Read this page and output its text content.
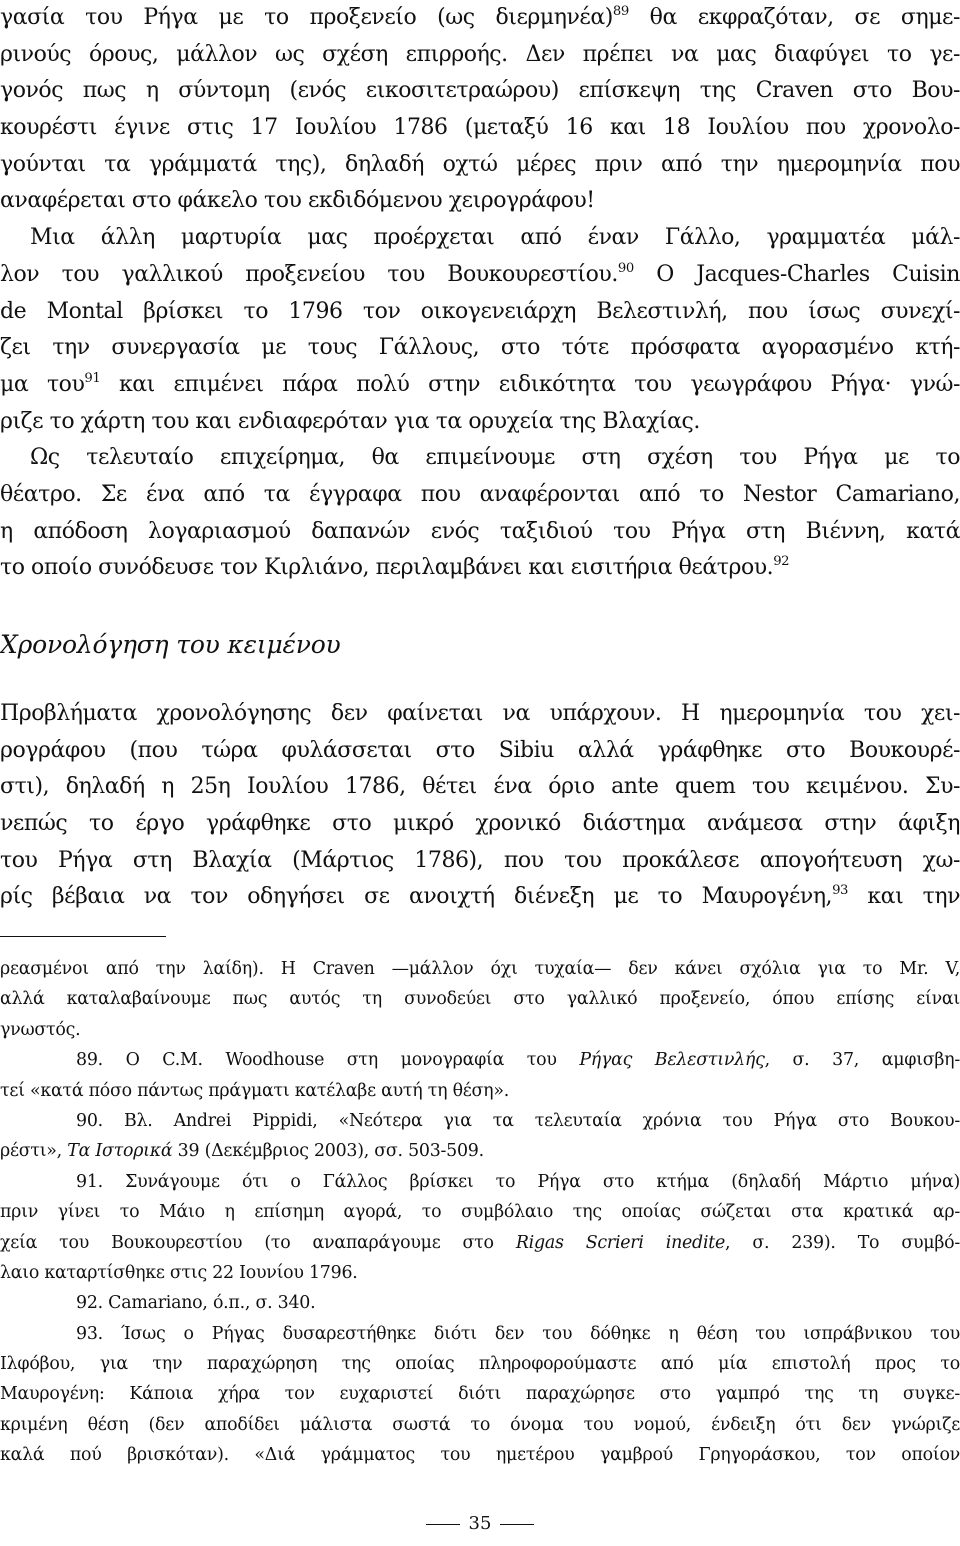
γασία του Ρήγα με το προξενείο (ως διερμηνέα)$^{89}$ θα εκφραζόταν, σε σημε-
ρινούς όρους, μάλλον ως σχέση επιρροής. Δεν πρέπει να μας διαφύγει το γε-
γονός πως η σύντομη (ενός εικοσιτετραώρου) επίσκεψη της Craven στο Βου-
κουρέστι έγινε στις 17 Ιουλίου 1786 (μεταξύ 16 και 18 Ιουλίου που χρονολο-
γούνται τα γράμματά της), δηλαδή οχτώ μέρες πριν από την ημερομηνία που
αναφέρεται στο φάκελο του εκδιδόμενου χειρογράφου!
Μια άλλη μαρτυρία μας προέρχεται από έναν Γάλλο, γραμματέα μάλ-
λον του γαλλικού προξενείου του Βουκουρεστίου.$^{90}$ Ο Jacques-Charles Cuisin
de Montal βρίσκει το 1796 τον οικογενειάρχη Βελεστινλή, που ίσως συνεχί-
ζει την συνεργασία με τους Γάλλους, στο τότε πρόσφατα αγορασμένο κτή-
μα του$^{91}$ και επιμένει πάρα πολύ στην ειδικότητα του γεωγράφου Ρήγα· γνώ-
ριζε το χάρτη του και ενδιαφερόταν για τα ορυχεία της Βλαχίας.
Ως τελευταίο επιχείρημα, θα επιμείνουμε στη σχέση του Ρήγα με το
θέατρο. Σε ένα από τα έγγραφα που αναφέρονται από το Nestor Camariano,
η απόδοση λογαριασμού δαπανών ενός ταξιδιού του Ρήγα στη Βιέννη, κατά
το οποίο συνόδευσε τον Κιρλιάνο, περιλαμβάνει και εισιτήρια θεάτρου.$^{92}$
Χρονολόγηση του κειμένου
Προβλήματα χρονολόγησης δεν φαίνεται να υπάρχουν. Η ημερομηνία του χει-
ρογράφου (που τώρα φυλάσσεται στο Sibiu αλλά γράφθηκε στο Βουκουρέ-
στι), δηλαδή η 25η Ιουλίου 1786, θέτει ένα όριο ante quem του κειμένου. Συ-
νεπώς το έργο γράφθηκε στο μικρό χρονικό διάστημα ανάμεσα στην άφιξη
του Ρήγα στη Βλαχία (Μάρτιος 1786), που του προκάλεσε απογοήτευση χω-
ρίς βέβαια να τον οδηγήσει σε ανοιχτή διένεξη με το Μαυρογένη,$^{93}$ και την
ρεασμένοι από την λαίδη). Η Craven —μάλλον όχι τυχαία— δεν κάνει σχόλια για το Mr. V,
αλλά καταλαβαίνουμε πως αυτός τη συνοδεύει στο γαλλικό προξενείο, όπου επίσης είναι
γνωστός.
89. Ο C.M. Woodhouse στη μονογραφία του Ρήγας Βελεστινλής, σ. 37, αμφισβη-
τεί «κατά πόσο πάντως πράγματι κατέλαβε αυτή τη θέση».
90. Βλ. Andrei Pippidi, «Νεότερα για τα τελευταία χρόνια του Ρήγα στο Βουκου-
ρέστι», Τα Ιστορικά 39 (Δεκέμβριος 2003), σσ. 503-509.
91. Συνάγουμε ότι ο Γάλλος βρίσκει το Ρήγα στο κτήμα (δηλαδή Μάρτιο μήνα)
πριν γίνει το Μάιο η επίσημη αγορά, το συμβόλαιο της οποίας σώζεται στα κρατικά αρ-
χεία του Βουκουρεστίου (το αναπαράγουμε στο Rigas Scrieri inedite, σ. 239). Το συμβό-
λαιο καταρτίσθηκε στις 22 Ιουνίου 1796.
92. Camariano, ό.π., σ. 340.
93. Ίσως ο Ρήγας δυσαρεστήθηκε διότι δεν του δόθηκε η θέση του ισπράβνικου του
Ιλφόβου, για την παραχώρηση της οποίας πληροφορούμαστε από μία επιστολή προς το
Μαυρογένη: Κάποια χήρα τον ευχαριστεί διότι παραχώρησε στο γαμπρό της τη συγκε-
κριμένη θέση (δεν αποδίδει μάλιστα σωστά το όνομα του νομού, ένδειξη ότι δεν γνώριζε
καλά πού βρισκόταν). «Διά γράμματος του ημετέρου γαμβρού Γρηγοράσκου, τον οποίον
35
